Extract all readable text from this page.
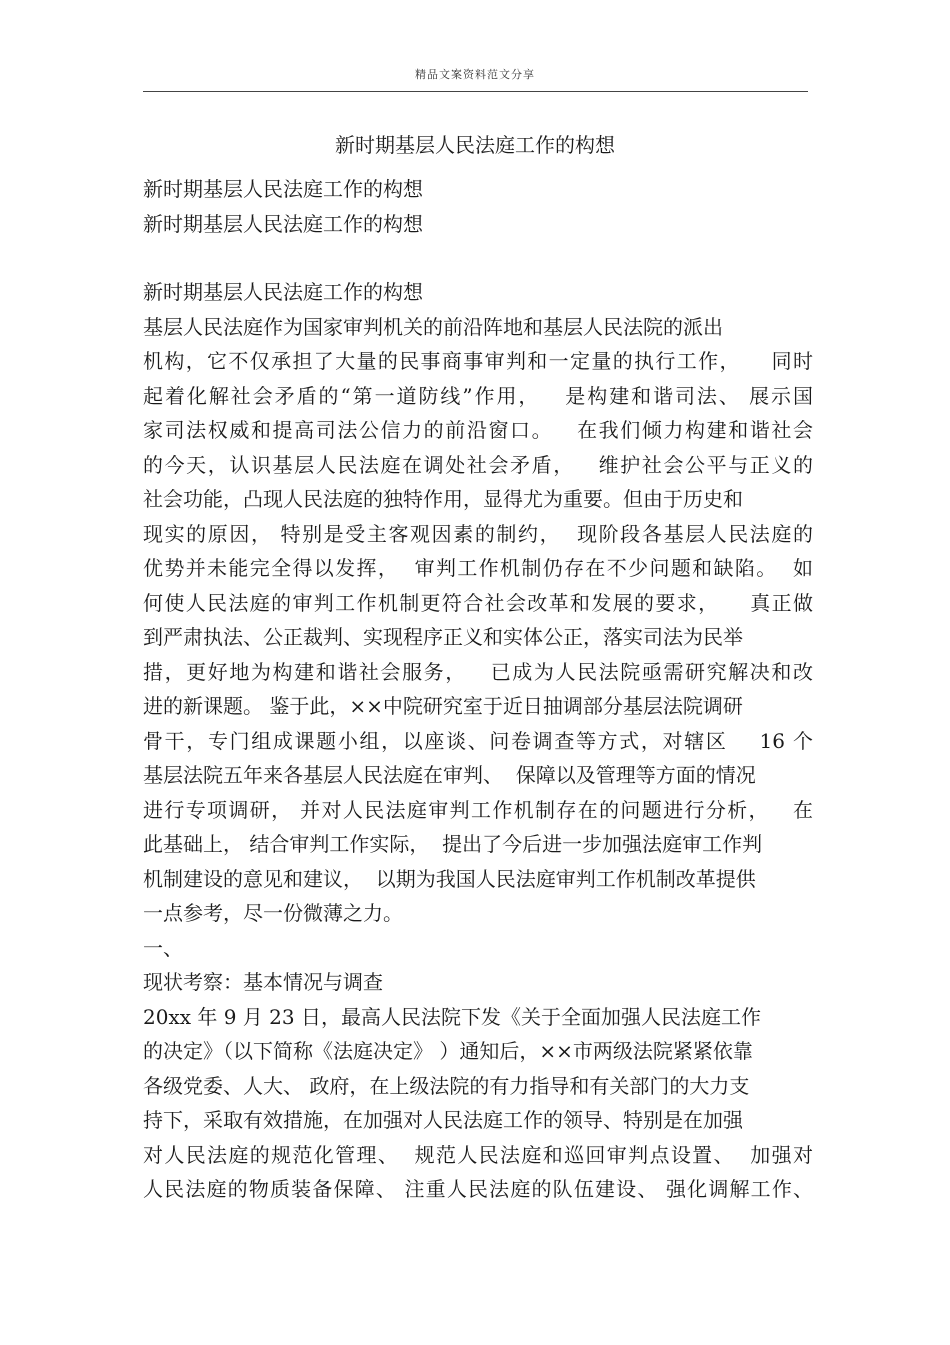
精品文案资料范文分享
新时期基层人民法庭工作的构想
新时期基层人民法庭工作的构想
新时期基层人民法庭工作的构想
新时期基层人民法庭工作的构想
基层人民法庭作为国家审判机关的前沿阵地和基层人民法院的派出
机构，它不仅承担了大量的民事商事审判和一定量的执行工作，    同时
起着化解社会矛盾的“第一道防线”作用，   是构建和谐司法、 展示国
家司法权威和提高司法公信力的前沿窗口。   在我们倾力构建和谐社会
的今天，认识基层人民法庭在调处社会矛盾，   维护社会公平与正义的
社会功能，凸现人民法庭的独特作用，显得尤为重要。但由于历史和
现实的原因， 特别是受主客观因素的制约，  现阶段各基层人民法庭的
优势并未能完全得以发挥，  审判工作机制仍存在不少问题和缺陷。  如
何使人民法庭的审判工作机制更符合社会改革和发展的要求，    真正做
到严肃执法、公正裁判、实现程序正义和实体公正，落实司法为民举
措，更好地为构建和谐社会服务，   已成为人民法院亟需研究解决和改
进的新课题。 鉴于此，××中院研究室于近日抽调部分基层法院调研
骨干，专门组成课题小组，以座谈、问卷调查等方式，对辖区    16 个
基层法院五年来各基层人民法庭在审判、  保障以及管理等方面的情况
进行专项调研， 并对人民法庭审判工作机制存在的问题进行分析，   在
此基础上， 结合审判工作实际，  提出了今后进一步加强法庭审工作判
机制建设的意见和建议，  以期为我国人民法庭审判工作机制改革提供
一点参考，尽一份微薄之力。
一、
现状考察：基本情况与调查
20xx 年 9 月 23 日，最高人民法院下发《关于全面加强人民法庭工作
的决定》（以下简称《法庭决定》 ）通知后，××市两级法院紧紧依靠
各级党委、人大、 政府，在上级法院的有力指导和有关部门的大力支
持下，采取有效措施，在加强对人民法庭工作的领导、特别是在加强
对人民法庭的规范化管理、  规范人民法庭和巡回审判点设置、  加强对
人民法庭的物质装备保障、 注重人民法庭的队伍建设、 强化调解工作、
